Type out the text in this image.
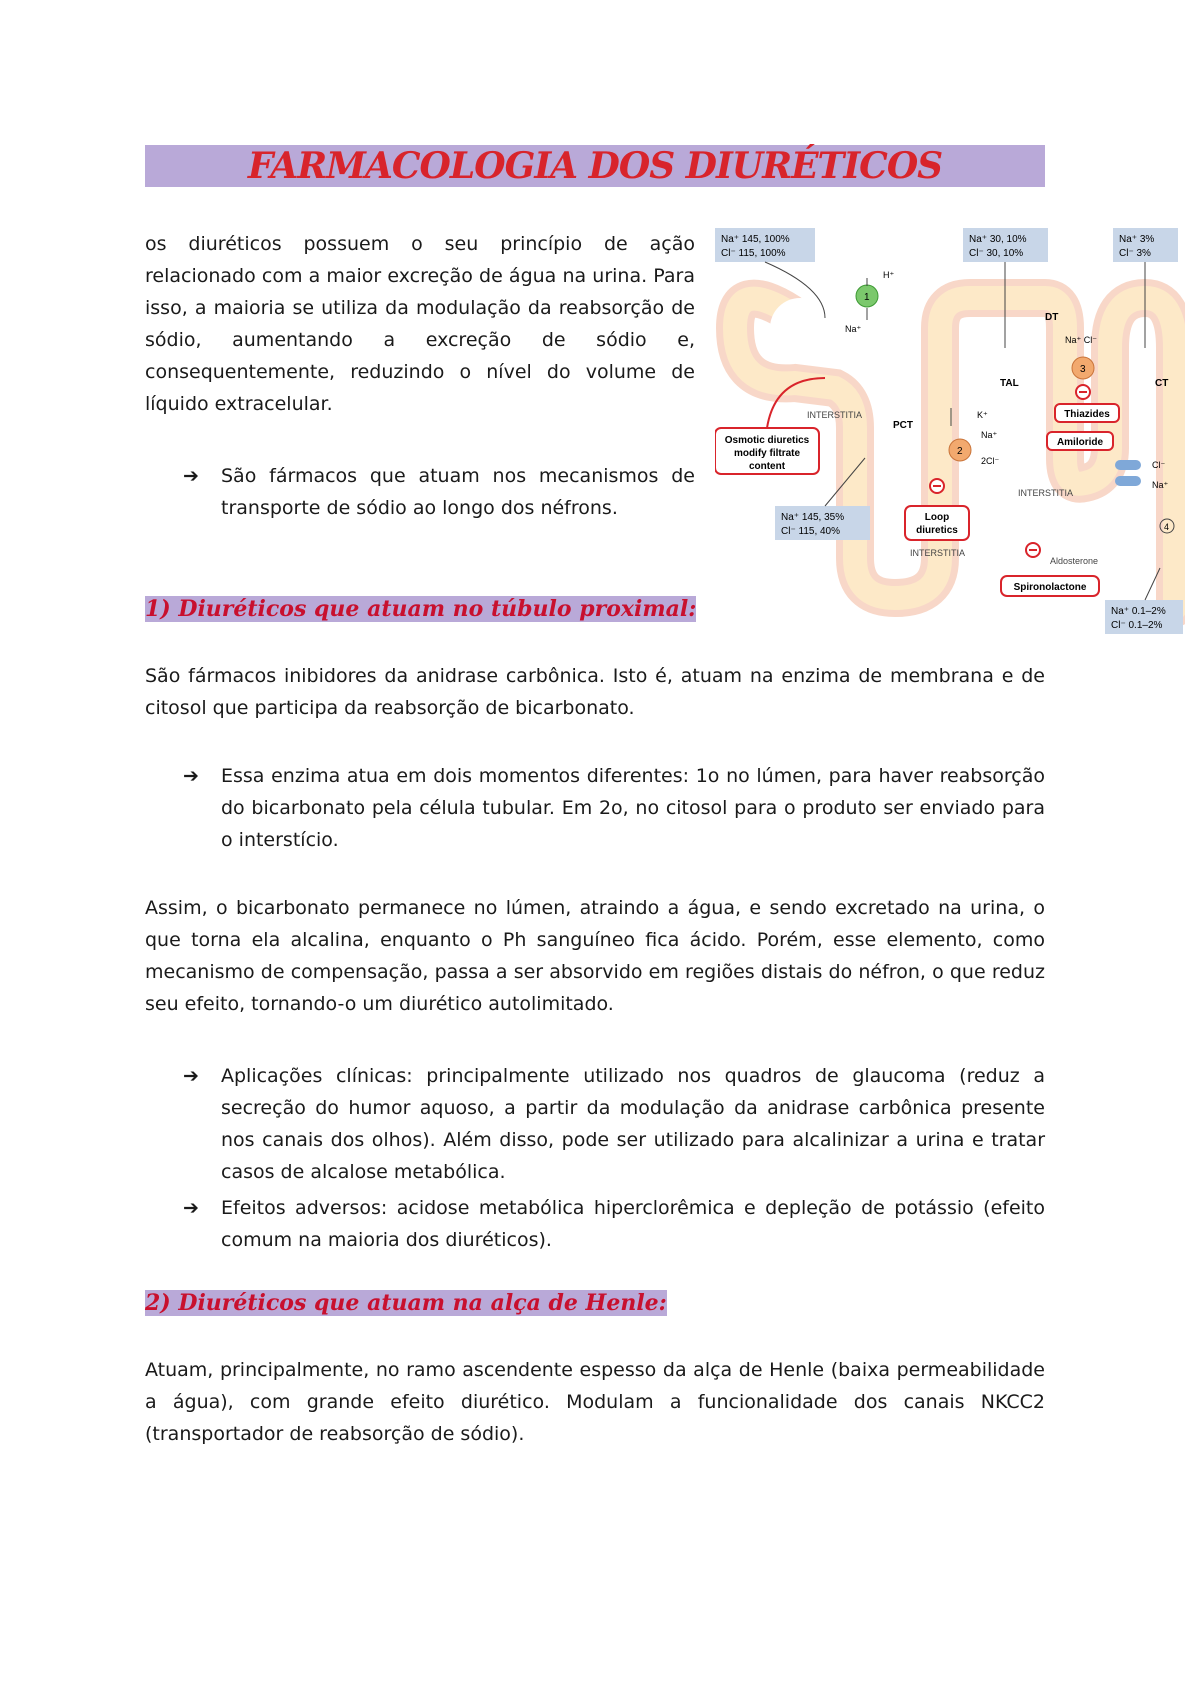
FARMACOLOGIA DOS DIURÉTICOS
os diuréticos possuem o seu princípio de ação relacionado com a maior excreção de água na urina. Para isso, a maioria se utiliza da modulação da reabsorção de sódio, aumentando a excreção de sódio e, consequentemente, reduzindo o nível do volume de líquido extracelular.
➔ São fármacos que atuam nos mecanismos de transporte de sódio ao longo dos néfrons.
Na⁺ 145, 100%
Cl⁻ 115, 100%
Na⁺ 30, 10%
Cl⁻ 30, 10%
Na⁺ 3%
Cl⁻ 3%
Na⁺ 145, 35%
Cl⁻ 115, 40%
Na⁺ 0.1–2%
Cl⁻ 0.1–2%
1
H⁺
Na⁺
2
K⁺
Na⁺
2Cl⁻
3
Na⁺ Cl⁻
Cl⁻
Na⁺
4
DT
TAL	CT
PCT
INTERSTITIA
INTERSTITIA
INTERSTITIA
Osmotic diuretics
modify filtrate
content
Loop
diuretics
Thiazides
Amiloride
Aldosterone
Spironolactone
1) Diuréticos que atuam no túbulo proximal:
São fármacos inibidores da anidrase carbônica. Isto é, atuam na enzima de membrana e de citosol que participa da reabsorção de bicarbonato.
➔ Essa enzima atua em dois momentos diferentes: 1o no lúmen, para haver reabsorção do bicarbonato pela célula tubular. Em 2o, no citosol para o produto ser enviado para o interstício.
Assim, o bicarbonato permanece no lúmen, atraindo a água, e sendo excretado na urina, o que torna ela alcalina, enquanto o Ph sanguíneo fica ácido. Porém, esse elemento, como mecanismo de compensação, passa a ser absorvido em regiões distais do néfron, o que reduz seu efeito, tornando-o um diurético autolimitado.
➔ Aplicações clínicas: principalmente utilizado nos quadros de glaucoma (reduz a secreção do humor aquoso, a partir da modulação da anidrase carbônica presente nos canais dos olhos). Além disso, pode ser utilizado para alcalinizar a urina e tratar casos de alcalose metabólica.
➔ Efeitos adversos: acidose metabólica hiperclorêmica e depleção de potássio (efeito comum na maioria dos diuréticos).
2) Diuréticos que atuam na alça de Henle:
Atuam, principalmente, no ramo ascendente espesso da alça de Henle (baixa permeabilidade a água), com grande efeito diurético. Modulam a funcionalidade dos canais NKCC2 (transportador de reabsorção de sódio).
